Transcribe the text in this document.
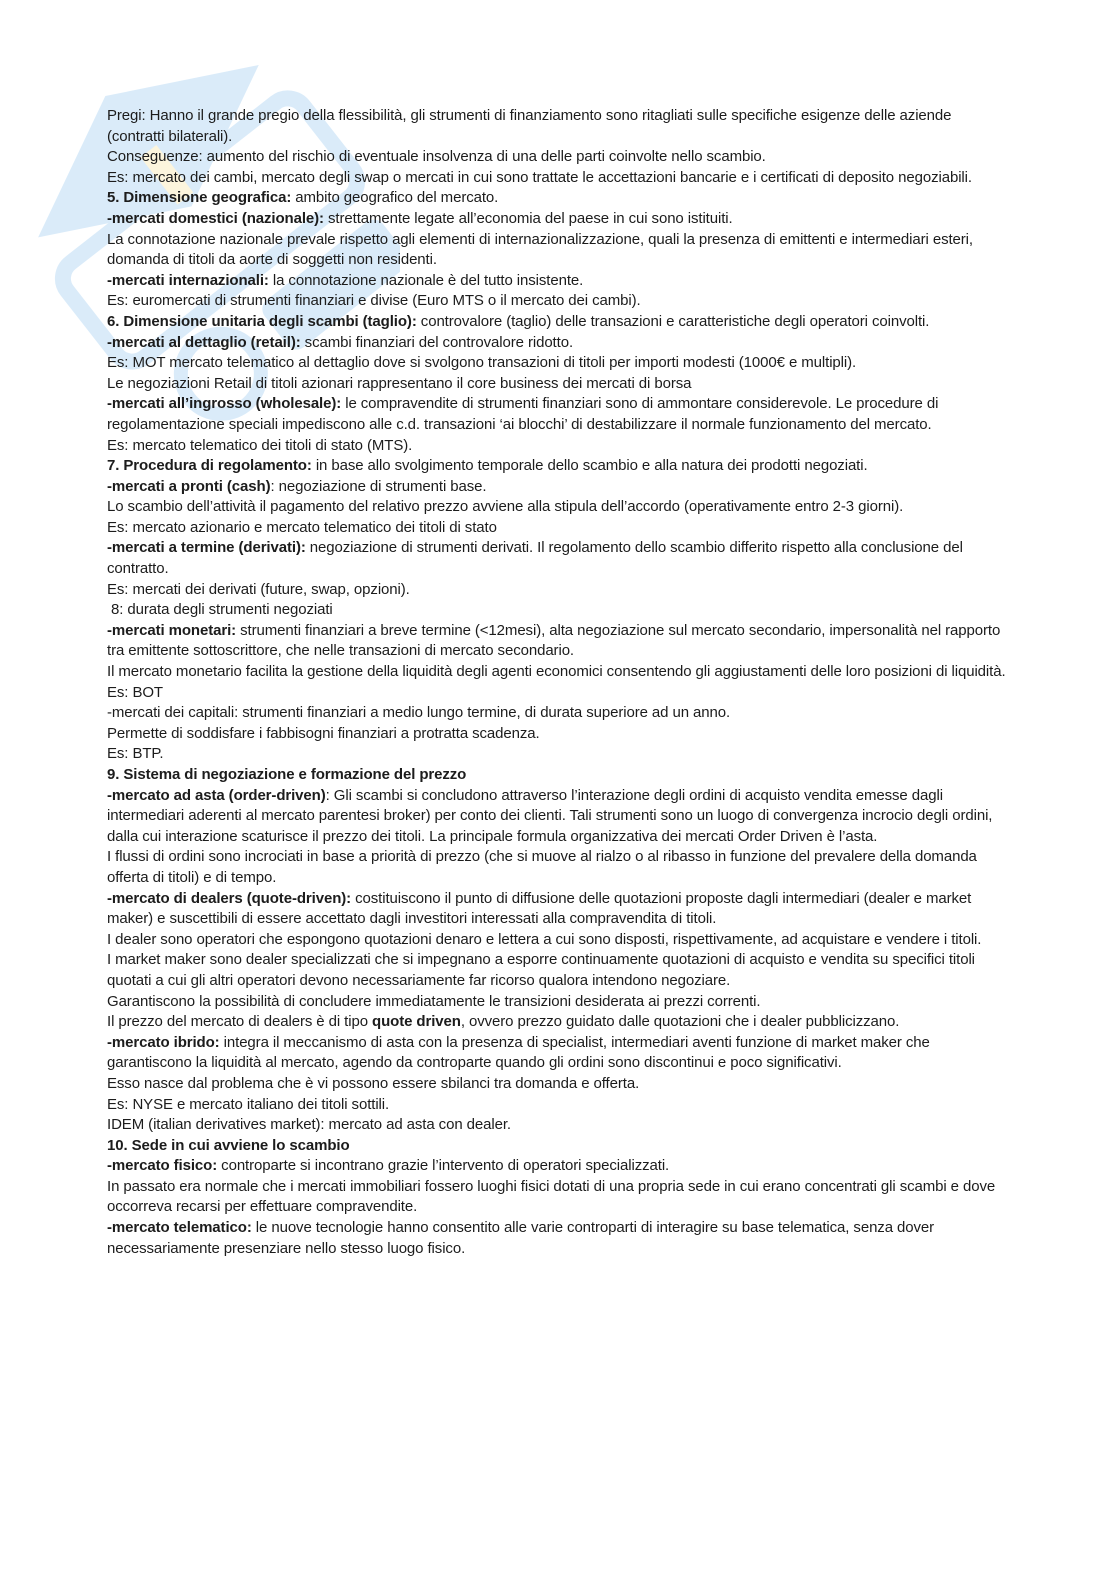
Pregi: Hanno il grande pregio della flessibilità, gli strumenti di finanziamento sono ritagliati sulle specifiche esigenze delle aziende (contratti bilaterali).

Conseguenze: aumento del rischio di eventuale insolvenza di una delle parti coinvolte nello scambio.

Es: mercato dei cambi, mercato degli swap o mercati in cui sono trattate le accettazioni bancarie e i certificati di deposito negoziabili.

5. Dimensione geografica: ambito geografico del mercato.

-mercati domestici (nazionale): strettamente legate all’economia del paese in cui sono istituiti.

La connotazione nazionale prevale rispetto agli elementi di internazionalizzazione, quali la presenza di emittenti e intermediari esteri, domanda di titoli da aorte di soggetti non residenti.

-mercati internazionali: la connotazione nazionale è del tutto insistente.

Es: euromercati di strumenti finanziari e divise (Euro MTS o il mercato dei cambi).

6. Dimensione unitaria degli scambi (taglio): controvalore (taglio) delle transazioni e caratteristiche degli operatori coinvolti.

-mercati al dettaglio (retail): scambi finanziari del controvalore ridotto.

Es: MOT mercato telematico al dettaglio dove si svolgono transazioni di titoli per importi modesti (1000€ e multipli).

Le negoziazioni Retail di titoli azionari rappresentano il core business dei mercati di borsa

-mercati all’ingrosso (wholesale): le compravendite di strumenti finanziari sono di ammontare considerevole. Le procedure di regolamentazione speciali impediscono alle c.d. transazioni ‘ai blocchi’ di destabilizzare il normale funzionamento del mercato.

Es: mercato telematico dei titoli di stato (MTS).

7. Procedura di regolamento: in base allo svolgimento temporale dello scambio e alla natura dei prodotti negoziati.

-mercati a pronti (cash): negoziazione di strumenti base.

Lo scambio dell’attività il pagamento del relativo prezzo avviene alla stipula dell’accordo (operativamente entro 2-3 giorni).

Es: mercato azionario e mercato telematico dei titoli di stato

-mercati a termine (derivati): negoziazione di strumenti derivati. Il regolamento dello scambio differito rispetto alla conclusione del contratto.

Es: mercati dei derivati (future, swap, opzioni).

8: durata degli strumenti negoziati

-mercati monetari: strumenti finanziari a breve termine (<12mesi), alta negoziazione sul mercato secondario, impersonalità nel rapporto tra emittente sottoscrittore, che nelle transazioni di mercato secondario.

Il mercato monetario facilita la gestione della liquidità degli agenti economici consentendo gli aggiustamenti delle loro posizioni di liquidità.

Es: BOT

-mercati dei capitali: strumenti finanziari a medio lungo termine, di durata superiore ad un anno.

Permette di soddisfare i fabbisogni finanziari a protratta scadenza.

Es: BTP.

9. Sistema di negoziazione e formazione del prezzo

-mercato ad asta (order-driven): Gli scambi si concludono attraverso l’interazione degli ordini di acquisto vendita emesse dagli intermediari aderenti al mercato parentesi broker) per conto dei clienti. Tali strumenti sono un luogo di convergenza incrocio degli ordini, dalla cui interazione scaturisce il prezzo dei titoli. La principale formula organizzativa dei mercati Order Driven è l’asta.

I flussi di ordini sono incrociati in base a priorità di prezzo (che si muove al rialzo o al ribasso in funzione del prevalere della domanda offerta di titoli) e di tempo.

-mercato di dealers (quote-driven): costituiscono il punto di diffusione delle quotazioni proposte dagli intermediari (dealer e market maker) e suscettibili di essere accettato dagli investitori interessati alla compravendita di titoli.

I dealer sono operatori che espongono quotazioni denaro e lettera a cui sono disposti, rispettivamente, ad acquistare e vendere i titoli.

I market maker sono dealer specializzati che si impegnano a esporre continuamente quotazioni di acquisto e vendita su specifici titoli quotati a cui gli altri operatori devono necessariamente far ricorso qualora intendono negoziare.

Garantiscono la possibilità di concludere immediatamente le transizioni desiderata ai prezzi correnti.

Il prezzo del mercato di dealers è di tipo quote driven, ovvero prezzo guidato dalle quotazioni che i dealer pubblicizzano.

-mercato ibrido: integra il meccanismo di asta con la presenza di specialist, intermediari aventi funzione di market maker che garantiscono la liquidità al mercato, agendo da controparte quando gli ordini sono discontinui e poco significativi.

Esso nasce dal problema che è vi possono essere sbilanci tra domanda e offerta.

Es: NYSE e mercato italiano dei titoli sottili.

IDEM (italian derivatives market): mercato ad asta con dealer.

10. Sede in cui avviene lo scambio

-mercato fisico: controparte si incontrano grazie l’intervento di operatori specializzati.

In passato era normale che i mercati immobiliari fossero luoghi fisici dotati di una propria sede in cui erano concentrati gli scambi e dove occorreva recarsi per effettuare compravendite.

-mercato telematico: le nuove tecnologie hanno consentito alle varie controparti di interagire su base telematica, senza dover necessariamente presenziare nello stesso luogo fisico.
